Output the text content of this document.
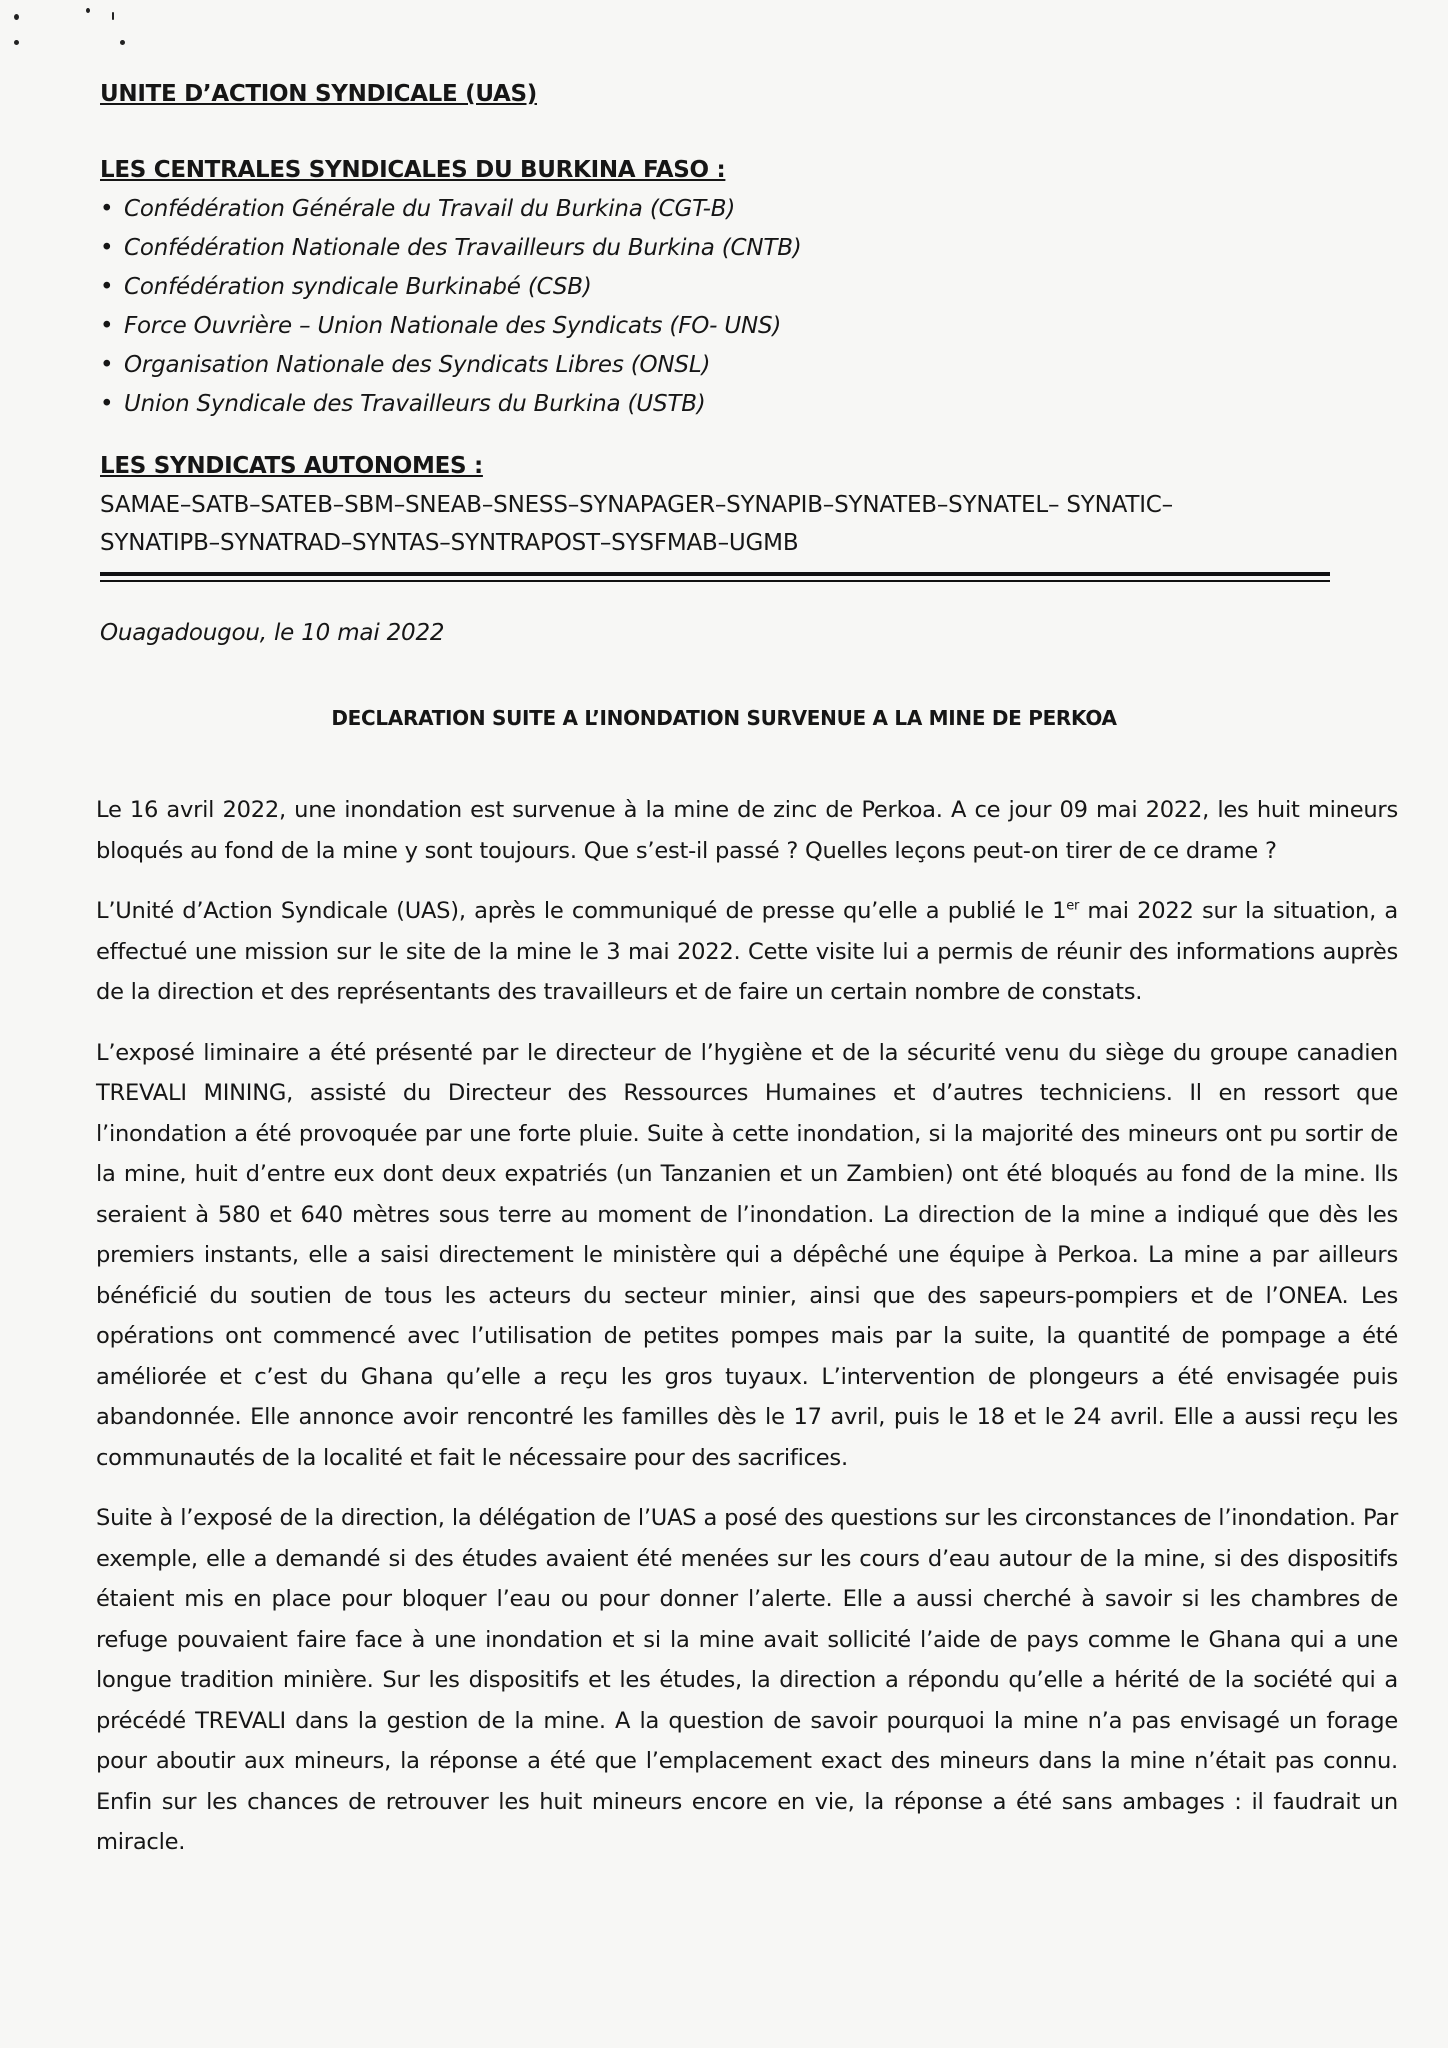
UNITE D’ACTION SYNDICALE (UAS)
LES CENTRALES SYNDICALES DU BURKINA FASO :
• Confédération Générale du Travail du Burkina (CGT-B)
• Confédération Nationale des Travailleurs du Burkina (CNTB)
• Confédération syndicale Burkinabé (CSB)
• Force Ouvrière – Union Nationale des Syndicats (FO- UNS)
• Organisation Nationale des Syndicats Libres (ONSL)
• Union Syndicale des Travailleurs du Burkina (USTB)
LES SYNDICATS AUTONOMES :
SAMAE–SATB–SATEB–SBM–SNEAB–SNESS–SYNAPAGER–SYNAPIB–SYNATEB–SYNATEL– SYNATIC–
SYNATIPB–SYNATRAD–SYNTAS–SYNTRAPOST–SYSFMAB–UGMB
Ouagadougou, le 10 mai 2022
DECLARATION SUITE A L’INONDATION SURVENUE A LA MINE DE PERKOA

Le 16 avril 2022, une inondation est survenue à la mine de zinc de Perkoa. A ce jour 09 mai 2022, les huit mineurs bloqués au fond de la mine y sont toujours. Que s’est-il passé ? Quelles leçons peut-on tirer de ce drame ?

L’Unité d’Action Syndicale (UAS), après le communiqué de presse qu’elle a publié le 1er mai 2022 sur la situation, a effectué une mission sur le site de la mine le 3 mai 2022. Cette visite lui a permis de réunir des informations auprès de la direction et des représentants des travailleurs et de faire un certain nombre de constats.

L’exposé liminaire a été présenté par le directeur de l’hygiène et de la sécurité venu du siège du groupe canadien TREVALI MINING, assisté du Directeur des Ressources Humaines et d’autres techniciens. Il en ressort que l’inondation a été provoquée par une forte pluie. Suite à cette inondation, si la majorité des mineurs ont pu sortir de la mine, huit d’entre eux dont deux expatriés (un Tanzanien et un Zambien) ont été bloqués au fond de la mine. Ils seraient à 580 et 640 mètres sous terre au moment de l’inondation. La direction de la mine a indiqué que dès les premiers instants, elle a saisi directement le ministère qui a dépêché une équipe à Perkoa. La mine a par ailleurs bénéficié du soutien de tous les acteurs du secteur minier, ainsi que des sapeurs-pompiers et de l’ONEA. Les opérations ont commencé avec l’utilisation de petites pompes mais par la suite, la quantité de pompage a été améliorée et c’est du Ghana qu’elle a reçu les gros tuyaux. L’intervention de plongeurs a été envisagée puis abandonnée. Elle annonce avoir rencontré les familles dès le 17 avril, puis le 18 et le 24 avril. Elle a aussi reçu les communautés de la localité et fait le nécessaire pour des sacrifices.

Suite à l’exposé de la direction, la délégation de l’UAS a posé des questions sur les circonstances de l’inondation. Par exemple, elle a demandé si des études avaient été menées sur les cours d’eau autour de la mine, si des dispositifs étaient mis en place pour bloquer l’eau ou pour donner l’alerte. Elle a aussi cherché à savoir si les chambres de refuge pouvaient faire face à une inondation et si la mine avait sollicité l’aide de pays comme le Ghana qui a une longue tradition minière. Sur les dispositifs et les études, la direction a répondu qu’elle a hérité de la société qui a précédé TREVALI dans la gestion de la mine. A la question de savoir pourquoi la mine n’a pas envisagé un forage pour aboutir aux mineurs, la réponse a été que l’emplacement exact des mineurs dans la mine n’était pas connu. Enfin sur les chances de retrouver les huit mineurs encore en vie, la réponse a été sans ambages : il faudrait un miracle.
